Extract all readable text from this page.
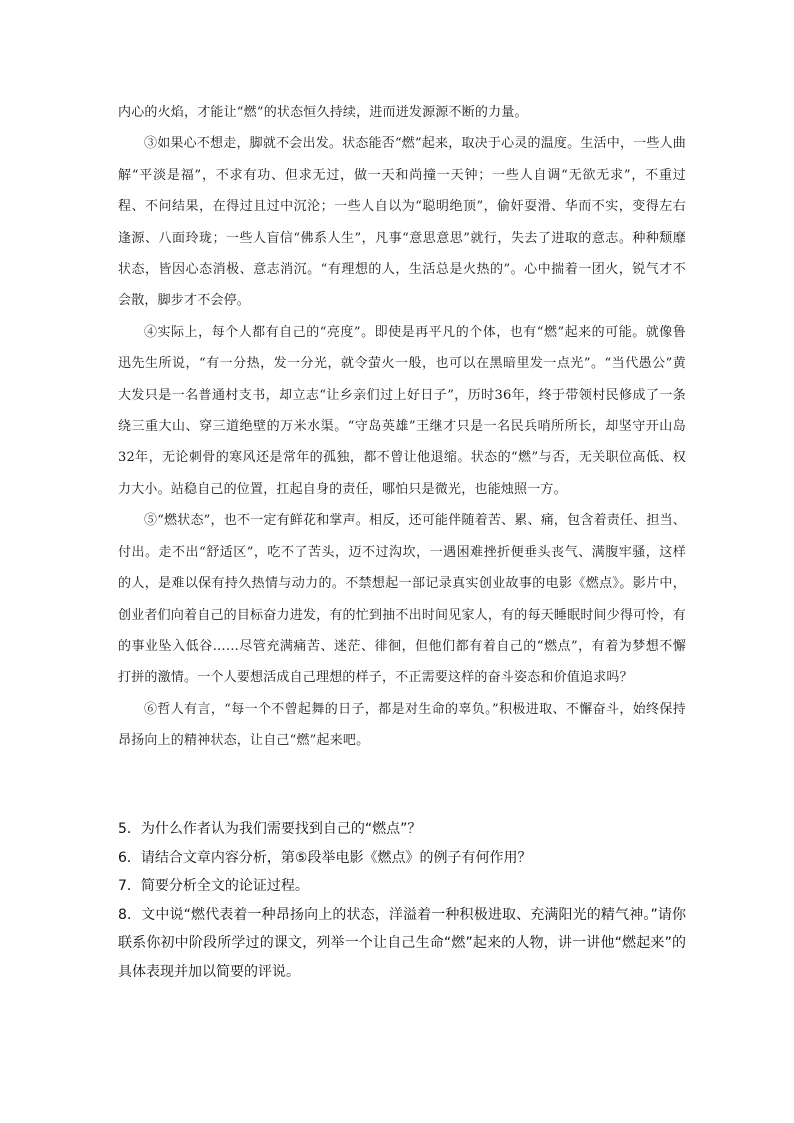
内心的火焰，才能让“燃”的状态恒久持续，进而迸发源源不断的力量。

③如果心不想走，脚就不会出发。状态能否“燃”起来，取决于心灵的温度。生活中，一些人曲解“平淡是福”，不求有功、但求无过，做一天和尚撞一天钟；一些人自调“无欲无求”，不重过程、不问结果，在得过且过中沉沦；一些人自以为“聪明绝顶”，偷奸耍滑、华而不实，变得左右逢源、八面玲珑；一些人盲信“佛系人生”，凡事“意思意思”就行，失去了进取的意志。种种颓靡状态，皆因心态消极、意志消沉。“有理想的人，生活总是火热的”。心中揣着一团火，锐气才不会散，脚步才不会停。

④实际上，每个人都有自己的“亮度”。即使是再平凡的个体，也有“燃”起来的可能。就像鲁迅先生所说，“有一分热，发一分光，就令萤火一般，也可以在黑暗里发一点光”。“当代愚公”黄大发只是一名普通村支书，却立志“让乡亲们过上好日子”，历时36年，终于带领村民修成了一条绕三重大山、穿三道绝壁的万米水渠。“守岛英雄”王继才只是一名民兵哨所所长，却坚守开山岛32年，无论刺骨的寒风还是常年的孤独，都不曾让他退缩。状态的“燃”与否，无关职位高低、权力大小。站稳自己的位置，扛起自身的责任，哪怕只是微光，也能烛照一方。

⑤“燃状态”，也不一定有鲜花和掌声。相反，还可能伴随着苦、累、痛，包含着责任、担当、付出。走不出“舒适区”，吃不了苦头，迈不过沟坎，一遇困难挫折便垂头丧气、满腹牢骚，这样的人，是难以保有持久热情与动力的。不禁想起一部记录真实创业故事的电影《燃点》。影片中，创业者们向着自己的目标奋力进发，有的忙到抽不出时间见家人，有的每天睡眠时间少得可怜，有的事业坠入低谷……尽管充满痛苦、迷茫、徘徊，但他们都有着自己的“燃点”，有着为梦想不懈打拼的激情。一个人要想活成自己理想的样子，不正需要这样的奋斗姿态和价值追求吗？

⑥哲人有言，“每一个不曾起舞的日子，都是对生命的辜负。”积极进取、不懈奋斗，始终保持昂扬向上的精神状态，让自己“燃”起来吧。

5．为什么作者认为我们需要找到自己的“燃点”？

6．请结合文章内容分析，第⑤段举电影《燃点》的例子有何作用？

7．简要分析全文的论证过程。

8．文中说“燃代表着一种昂扬向上的状态，洋溢着一种积极进取、充满阳光的精气神。”请你联系你初中阶段所学过的课文，列举一个让自己生命“燃”起来的人物，讲一讲他“燃起来”的具体表现并加以简要的评说。
